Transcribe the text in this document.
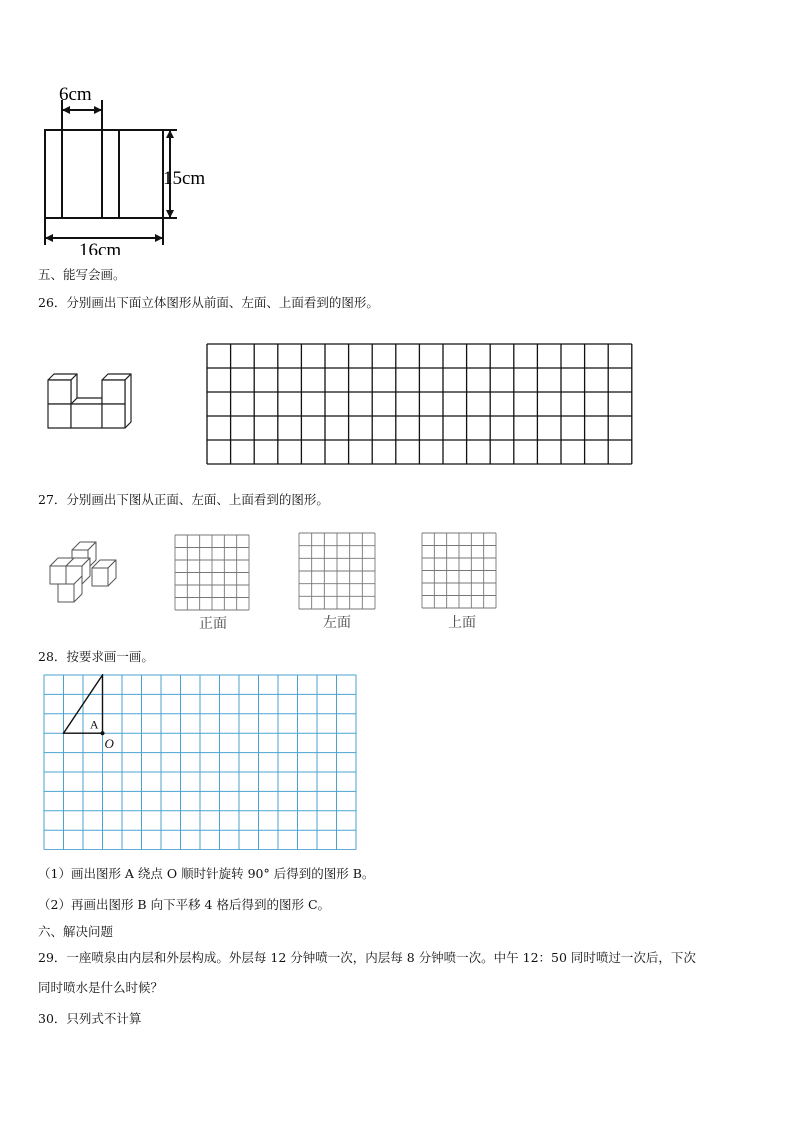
6cm
15cm
16cm
五、能写会画。
26．分别画出下面立体图形从前面、左面、上面看到的图形。
27．分别画出下图从正面、左面、上面看到的图形。
正面	左面	上面
28．按要求画一画。
A
O
（1）画出图形 A 绕点 O 顺时针旋转 90° 后得到的图形 B。
（2）再画出图形 B 向下平移 4 格后得到的图形 C。
六、解决问题
29．一座喷泉由内层和外层构成。外层每 12 分钟喷一次，内层每 8 分钟喷一次。中午 12：50 同时喷过一次后，下次
同时喷水是什么时候？
30．只列式不计算
